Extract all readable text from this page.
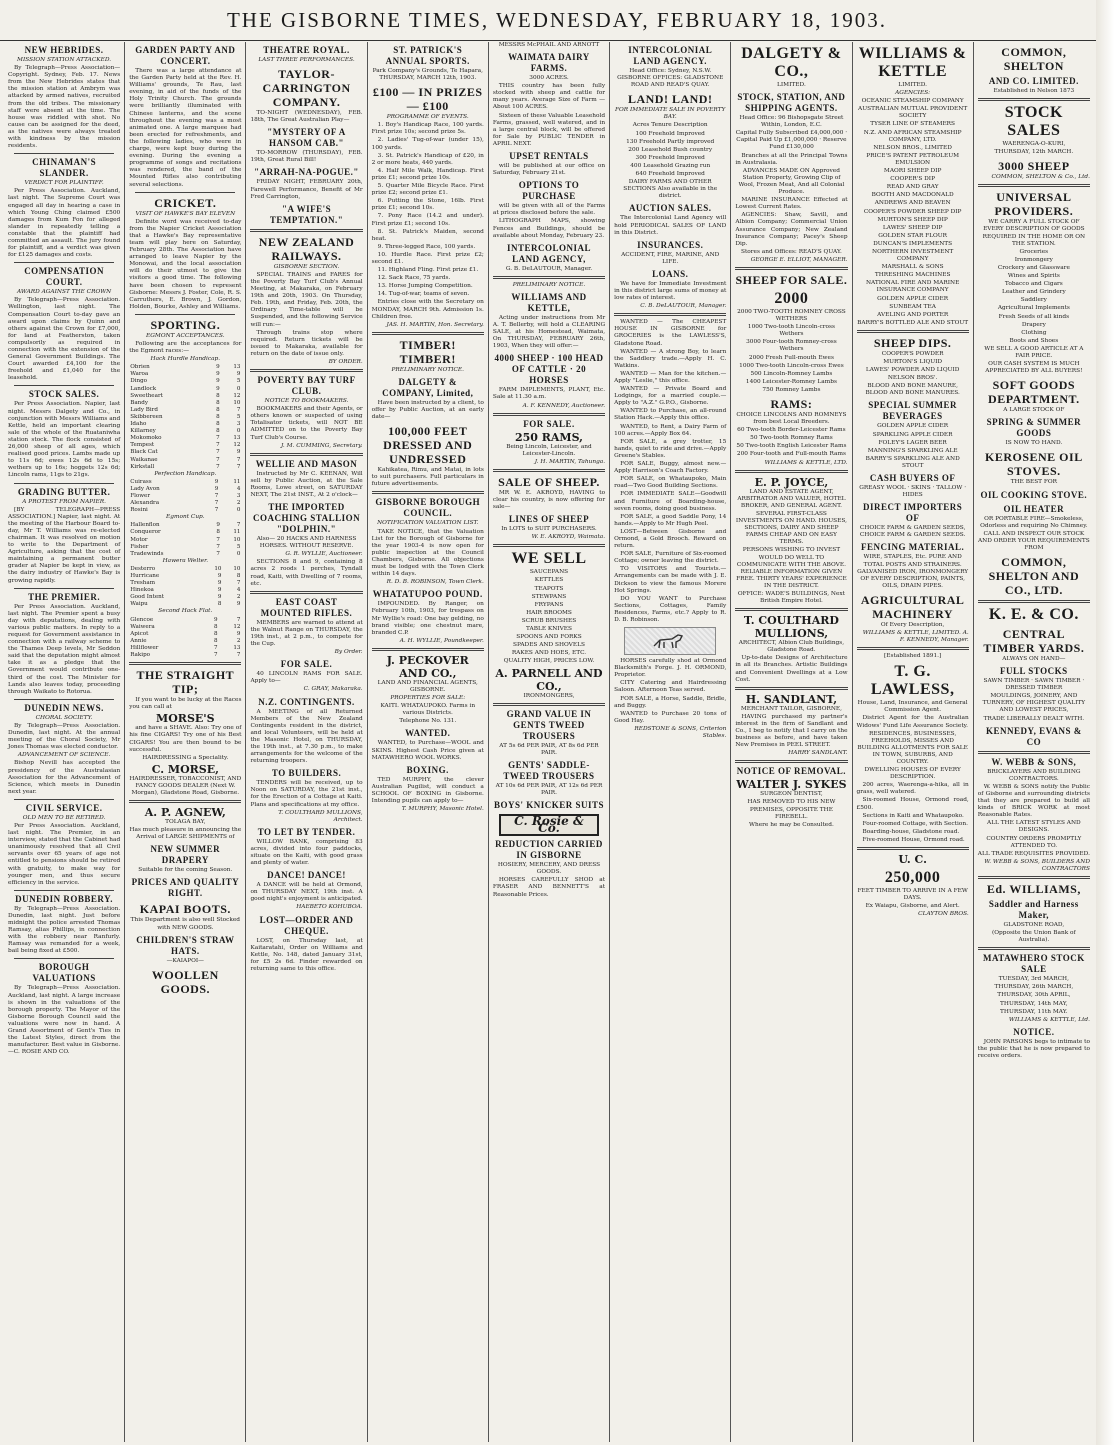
THE GISBORNE TIMES, WEDNESDAY, FEBRUARY 18, 1903.
NEW HEBRIDES.
MISSION STATION ATTACKED.

By Telegraph—Press Association—Copyright. Sydney, Feb. 17. News from the New Hebrides states that the mission station at Ambrym was attacked by armed natives, recruited from the old tribes. The missionary staff were absent at the time. The house was riddled with shot. No cause can be assigned for the deed, as the natives were always treated with kindness by the mission residents.

CHINAMAN'S SLANDER.
VERDICT FOR PLAINTIFF.

Per Press Association. Auckland, last night. The Supreme Court was engaged all day in hearing a case in which Young Ching claimed £500 damages from Kum Fon for alleged slander in repeatedly telling a constable that the plaintiff had committed an assault. The jury found for plaintiff, and a verdict was given for £125 damages and costs.

COMPENSATION COURT.
AWARD AGAINST THE CROWN

By Telegraph—Press Association. Wellington, last night. The Compensation Court to-day gave an award upon claims by Quinn and others against the Crown for £7,000, for land at Featherston, taken compulsorily as required in connection with the extension of the General Government Buildings. The Court awarded £4,100 for the freehold and £1,040 for the leasehold.

STOCK SALES.

Per Press Association. Napier, last night. Messrs Dalgety and Co., in conjunction with Messrs Williams and Kettle, held an important clearing sale of the whole of the Ruataniwha station stock. The flock consisted of 26,000 sheep of all ages, which realised good prices. Lambs made up to 11s 6d; ewes 12s 6d to 15s; wethers up to 16s; hoggets 12s 6d; Lincoln rams, 11gs to 21gs.

GRADING BUTTER.
A PROTEST FROM NAPIER.

[BY TELEGRAPH—PRESS ASSOCIATION.] Napier, last night. At the meeting of the Harbour Board to-day, Mr T. Williams was re-elected chairman. It was resolved on motion to write to the Department of Agriculture, asking that the cost of maintaining a permanent butter grader at Napier be kept in view, as the dairy industry of Hawke's Bay is growing rapidly.

THE PREMIER.

Per Press Association. Auckland, last night. The Premier spent a busy day with deputations, dealing with various public matters. In reply to a request for Government assistance in connection with a railway scheme to the Thames Deep levels, Mr Seddon said that the deputation might almost take it as a pledge that the Government would contribute one-third of the cost. The Minister for Lands also leaves today, proceeding through Waikato to Rotorua.

DUNEDIN NEWS.
CHORAL SOCIETY.

By Telegraph—Press Association. Dunedin, last night. At the annual meeting of the Choral Society, Mr Jones Thomas was elected conductor.

ADVANCEMENT OF SCIENCE.

Bishop Nevill has accepted the presidency of the Australasian Association for the Advancement of Science, which meets in Dunedin next year.

CIVIL SERVICE.
OLD MEN TO BE RETIRED.

Per Press Association. Auckland, last night. The Premier, in an interview, stated that the Cabinet had unanimously resolved that all Civil servants over 65 years of age not entitled to pensions should be retired with gratuity, to make way for younger men, and thus secure efficiency in the service.

DUNEDIN ROBBERY.

By Telegraph—Press Association. Dunedin, last night. Just before midnight the police arrested Thomas Ramsay, alias Phillips, in connection with the robbery near Ranfurly. Ramsay was remanded for a week, bail being fixed at £500.

BOROUGH VALUATIONS

By Telegraph—Press Association. Auckland, last night. A large increase is shown in the valuations of the borough property. The Mayor of the Gisborne Borough Council said the valuations were now in hand. A Grand Assortment of Gent's Ties in the Latest Styles, direct from the manufacturer. Best value in Gisborne.—C. ROSIE AND CO.

GARDEN PARTY AND CONCERT.

There was a large attendance at the Garden Party held at the Rev. H. Williams' grounds, Te Rau, last evening, in aid of the funds of the Holy Trinity Church. The grounds were brilliantly illuminated with Chinese lanterns, and the scene throughout the evening was a most animated one. A large marquee had been erected for refreshments, and the following ladies, who were in charge, were kept busy during the evening. During the evening a programme of songs and recitations was rendered, the band of the Mounted Rifles also contributing several selections.

CRICKET.
VISIT OF HAWKE'S BAY ELEVEN

Definite word was received to-day from the Napier Cricket Association that a Hawke's Bay representative team will play here on Saturday, February 28th. The Association have arranged to leave Napier by the Monowai, and the local association will do their utmost to give the visitors a good time. The following have been chosen to represent Gisborne: Messrs J. Foster, Cole, R. S. Carruthers, E. Brown, J. Gordon, Holden, Bourke, Ashley and Williams.

SPORTING.
EGMONT ACCEPTANCES.

Following are the acceptances for the Egmont races:—

Hack Hurdle Handicap.
Obrien	9	13
Waroa	9	9
Dingo	9	5
Landlock	9	0
Sweetheart	8	12
Bandy	8	10
Lady Bird	8	7
Skibbereen	8	5
Idaho	8	3
Killarney	8	0
Mokomoko	7	13
Tempest	7	12
Black Cat	7	9
Waikanae	7	7
Kirkstall	7	7
Perfection Handicap.
Cuirass	9	11
Lady Avon	9	4
Flower	7	3
Alexandra	7	2
Rosini	7	0
Egmont Cup.
Hallenflon	9	7
Conqueror	8	11
Motor	7	10
Fisher	7	5
Tradewinds	7	0
Hawera Welter.
Desterro	10	10
Hurricane	9	8
Tresham	9	7
Hinekoa	9	4
Good Intent	9	2
Waipu	8	9
Second Hack Flat.
Glencoe	9	7
Waiwera	8	12
Apicot	8	9
Annie	8	2
Hillflower	7	13
Rakipo	7	7
THE STRAIGHT TIP;

If you want to be lucky at the Races you can call at

MORSE'S

and have a SHAVE. Also: Try one of his fine CIGARS! Try one of his Best CIGARS! You are then bound to be successful.

HAIRDRESSING a Speciality.

C. MORSE,

HAIRDRESSER, TOBACCONIST, AND FANCY GOODS DEALER (Next W. Morgan), Gladstone Road, Gisborne.

A. P. AGNEW,

TOLAGA BAY,

Has much pleasure in announcing the Arrival of LARGE SHIPMENTS of

NEW SUMMER DRAPERY

Suitable for the coming Season.

PRICES AND QUALITY RIGHT.
KAPAI BOOTS.

This Department is also well Stocked with NEW GOODS.

CHILDREN'S STRAW HATS.

—KAIAPOI—

WOOLLEN GOODS.
THEATRE ROYAL.
LAST THREE PERFORMANCES.
TAYLOR-CARRINGTON COMPANY.

TO-NIGHT (WEDNESDAY), FEB. 18th, The Great Australian Play—

"MYSTERY OF A HANSOM CAB."

TO-MORROW (THURSDAY), FEB. 19th, Great Rural Bill!

"ARRAH-NA-POGUE."

FRIDAY NIGHT, FEBRUARY 20th, Farewell Performance, Benefit of Mr Fred Carrington,

"A WIFE'S TEMPTATION."
NEW ZEALAND RAILWAYS.
GISBORNE SECTION.

SPECIAL TRAINS and FARES for the Poverty Bay Turf Club's Annual Meeting, at Makaraka, on February 19th and 20th, 1903. On Thursday, Feb. 19th, and Friday, Feb. 20th, the Ordinary Time-table will be Suspended, and the following Service will run:—

Through trains stop where required. Return tickets will be issued to Makaraka, available for return on the date of issue only.

BY ORDER.

POVERTY BAY TURF CLUB.
NOTICE TO BOOKMAKERS.

BOOKMAKERS and their Agents, or others known or suspected of using Totalisator tickets, will NOT BE ADMITTED on to the Poverty Bay Turf Club's Course.

J. M. CUMMING, Secretary.

WELLIE AND MASON

Instructed by Mr C. KEENAN, Will sell by Public Auction, at the Sale Rooms, Lowe street, on SATURDAY NEXT, The 21st INST., At 2 o'clock—

THE IMPORTED COACHING STALLION "DOLPHIN."

Also— 20 HACKS AND HARNESS HORSES. WITHOUT RESERVE.

G. R. WYLLIE, Auctioneer.

SECTIONS 8 and 9, containing 8 acres 2 roods 1 perches, Tyndall road, Kaiti, with Dwelling of 7 rooms, etc.

EAST COAST MOUNTED RIFLES.

MEMBERS are warned to attend at the Walnut Range on THURSDAY, the 19th inst., at 2 p.m., to compete for the Cup.

By Order.

FOR SALE.

40 LINCOLN RAMS FOR SALE. Apply to—

C. GRAY, Makaraka.

N.Z. CONTINGENTS.

A MEETING of all Returned Members of the New Zealand Contingents resident in the district, and local Volunteers, will be held at the Masonic Hotel, on THURSDAY, the 19th inst., at 7.30 p.m., to make arrangements for the welcome of the returning troopers.

TO BUILDERS.

TENDERS will be received, up to Noon on SATURDAY, the 21st inst., for the Erection of a Cottage at Kaiti. Plans and specifications at my office.

T. COULTHARD MULLIONS, Architect.

TO LET BY TENDER.

WILLOW BANK, comprising 83 acres, divided into four paddocks, situate on the Kaiti, with good grass and plenty of water.

DANCE! DANCE!

A DANCE will be held at Ormond, on THURSDAY NEXT, 19th inst. A good night's enjoyment is anticipated.

HAEBETO KOHUBOA.

LOST—ORDER AND CHEQUE.

LOST, on Thursday last, at Kaitaratahi, Order on Williams and Kettle, No. 148, dated January 31st, for £5 2s 6d. Finder rewarded on returning same to this office.

ST. PATRICK'S ANNUAL SPORTS.

Park Company's Grounds, Te Hapara, THURSDAY, MARCH 12th, 1903.

£100 — IN PRIZES — £100
PROGRAMME OF EVENTS.

1. Boy's Handicap Race, 100 yards. First prize 10s; second prize 5s.

2. Ladies' Tug-of-war (under 15), 100 yards.

3. St. Patrick's Handicap of £20, in 2 or more heats, 440 yards.

4. Half Mile Walk, Handicap. First prize £1; second prize 10s.

5. Quarter Mile Bicycle Race. First prize £2; second prize £1.

6. Putting the Stone, 16lb. First prize £1; second 10s.

7. Pony Race (14.2 and under). First prize £1; second 10s.

8. St. Patrick's Maiden, second heat.

9. Three-legged Race, 100 yards.

10. Hurdle Race. First prize £2; second £1.

11. Highland Fling. First prize £1.

12. Sack Race, 75 yards.

13. Horse Jumping Competition.

14. Tug-of-war, teams of seven.

Entries close with the Secretary on MONDAY, MARCH 9th. Admission 1s. Children free.

JAS. H. MARTIN, Hon. Secretary.

TIMBER! TIMBER!
PRELIMINARY NOTICE.
DALGETY & COMPANY, Limited,

Have been instructed by a client, to offer by Public Auction, at an early date—

100,000 FEET DRESSED AND UNDRESSED

Kahikatea, Rimu, and Matai, in lots to suit purchasers. Full particulars in future advertisements.

GISBORNE BOROUGH COUNCIL.
NOTIFICATION VALUATION LIST.

TAKE NOTICE, that the Valuation List for the Borough of Gisborne for the year 1903-4 is now open for public inspection at the Council Chambers, Gisborne. All objections must be lodged with the Town Clerk within 14 days.

R. D. B. ROBINSON, Town Clerk.

WHATATUPOO POUND.

IMPOUNDED. By Ranger, on February 10th, 1903, for trespass on Mr Wyllie's road: One bay gelding, no brand visible; one chestnut mare, branded C.P.

A. H. WYLLIE, Poundkeeper.

J. PECKOVER AND CO.,

LAND AND FINANCIAL AGENTS, GISBORNE.

PROPERTIES FOR SALE:

KAITI. WHATAUPOKO. Farms in various Districts.

Telephone No. 131.

WANTED.

WANTED, to Purchase—WOOL and SKINS. Highest Cash Price given at MATAWHERO WOOL WORKS.

BOXING.

TED MURPHY, the clever Australian Pugilist, will conduct a SCHOOL OF BOXING in Gisborne. Intending pupils can apply to—

T. MURPHY, Masonic Hotel.

MESSRS McPHAIL AND ARNOTT

WAIMATA DAIRY FARMS.

3000 ACRES.

THIS country has been fully stocked with sheep and cattle for many years. Average Size of Farm — About 100 ACRES.

Sixteen of these Valuable Leasehold Farms, grassed, well watered, and in a large central block, will be offered for Sale by PUBLIC TENDER in APRIL NEXT.

UPSET RENTALS

will be published at our office on Saturday, February 21st.

OPTIONS TO PURCHASE

will be given with all of the Farms at prices disclosed before the sale.

LITHOGRAPH MAPS, showing Fences and Buildings, should be available about Monday, February 23.

INTERCOLONIAL LAND AGENCY,

G. B. DeLAUTOUR, Manager.

PRELIMINARY NOTICE.
WILLIAMS AND KETTLE,

Acting under instructions from Mr A. T. Bellerby, will hold a CLEARING SALE, at his Homestead, Waimata, On THURSDAY, FEBRUARY 26th, 1903, When they will offer:—

4000 SHEEP · 100 HEAD OF CATTLE · 20 HORSES

FARM IMPLEMENTS, PLANT, Etc. Sale at 11.30 a.m.

A. F. KENNEDY, Auctioneer.

FOR SALE.
250 RAMS,

Being Lincoln, Leicester, and Leicester-Lincoln.

J. H. MARTIN, Tahunga.

SALE OF SHEEP.

MR W. E. AKROYD, HAVING to clear his country, is now offering for sale—

LINES OF SHEEP

In LOTS to SUIT PURCHASERS.

W. E. AKROYD, Waimata.

WE SELL

SAUCEPANS

KETTLES

TEAPOTS

STEWPANS

FRYPANS

HAIR BROOMS

SCRUB BRUSHES

TABLE KNIVES

SPOONS AND FORKS

SPADES AND SHOVELS

RAKES AND HOES, ETC.

QUALITY HIGH, PRICES LOW.

A. PARNELL AND CO.,

IRONMONGERS,

GRAND VALUE IN GENTS TWEED TROUSERS

AT 5s 6d PER PAIR, AT 8s 6d PER PAIR.

GENTS' SADDLE-TWEED TROUSERS

AT 10s 6d PER PAIR, AT 12s 6d PER PAIR.

BOYS' KNICKER SUITS
C. Rosie & Co.
REDUCTION CARRIED IN GISBORNE

HOSIERY, MERCERY, AND DRESS GOODS.

HORSES CAREFULLY SHOD at FRASER AND BENNETT'S at Reasonable Prices.

INTERCOLONIAL LAND AGENCY.

Head Office: Sydney, N.S.W. GISBORNE OFFICES: GLADSTONE ROAD AND READ'S QUAY.

LAND! LAND!
FOR IMMEDIATE SALE IN POVERTY BAY.

Acres Tenure Description

100 Freehold Improved

130 Freehold Partly improved

200 Leasehold Bush country

300 Freehold Improved

400 Leasehold Grazing run

640 Freehold Improved

DAIRY FARMS AND OTHER SECTIONS Also available in the district.

AUCTION SALES.

The Intercolonial Land Agency will hold PERIODICAL SALES OF LAND in this District.

INSURANCES.

ACCIDENT, FIRE, MARINE, AND LIFE.

LOANS.

We have for Immediate Investment in this district large sums of money at low rates of interest.

C. B. DeLAUTOUR, Manager.

WANTED — The CHEAPEST HOUSE IN GISBORNE for GROCERIES is the LAWLESS'S, Gladstone Road.

WANTED — A strong Boy, to learn the Saddlery trade.—Apply H. C. Watkins.

WANTED — Man for the kitchen.—Apply "Leslie," this office.

WANTED — Private Board and Lodgings, for a married couple.—Apply to "A.Z." G.P.O., Gisborne.

WANTED to Purchase, an all-round Station Hack.—Apply this office.

WANTED, to Rent, a Dairy Farm of 100 acres.—Apply Box 64.

FOR SALE, a grey trotter, 15 hands, quiet to ride and drive.—Apply Greene's Stables.

FOR SALE, Buggy, almost new.—Apply Harrison's Coach Factory.

FOR SALE, on Whataupoko, Main road—Two Good Building Sections.

FOR IMMEDIATE SALE—Goodwill and Furniture of Boarding-house, seven rooms, doing good business.

FOR SALE, a good Saddle Pony, 14 hands.—Apply to Mr Hugh Peel.

LOST—Between Gisborne and Ormond, a Gold Brooch. Reward on return.

FOR SALE, Furniture of Six-roomed Cottage; owner leaving the district.

TO VISITORS and Tourists.—Arrangements can be made with J. E. Dickson to view the famous Morere Hot Springs.

DO YOU WANT to Purchase Sections, Cottages, Family Residences, Farms, etc.? Apply to R. D. B. Robinson.

HORSES carefully shod at Ormond Blacksmith's Forge. J. H. ORMOND, Proprietor.

CITY Catering and Hairdressing Saloon. Afternoon Teas served.

FOR SALE, a Horse, Saddle, Bridle, and Buggy.

WANTED to Purchase 20 tons of Good Hay.

REDSTONE & SONS, Criterion Stables.

DALGETY & CO.,

LIMITED.

STOCK, STATION, AND SHIPPING AGENTS.

Head Office: 96 Bishopsgate Street Within, London, E.C.

Capital Fully Subscribed £4,000,000 · Capital Paid Up £1,000,000 · Reserve Fund £130,000

Branches at all the Principal Towns in Australasia.

ADVANCES MADE ON Approved Station Property, Growing Clip of Wool, Frozen Meat, And all Colonial Produce.

MARINE INSURANCE Effected at Lowest Current Rates.

AGENCIES: Shaw, Savill, and Albion Company; Commercial Union Assurance Company; New Zealand Insurance Company; Pacey's Sheep Dip.

Stores and Offices: READ'S QUAY.

GEORGE E. ELLIOT, MANAGER.

SHEEP FOR SALE.
2000

2000 TWO-TOOTH ROMNEY CROSS WETHERS

1000 Two-tooth Lincoln-cross Wethers

3000 Four-tooth Romney-cross Wethers

2000 Fresh Full-mouth Ewes

1000 Two-tooth Lincoln-cross Ewes

500 Lincoln-Romney Lambs

1400 Leicester-Romney Lambs

750 Romney Lambs

RAMS:

CHOICE LINCOLNS AND ROMNEYS from best Local Breeders.

60 Two-tooth Border-Leicester Rams

50 Two-tooth Romney Rams

50 Two-tooth English Leicester Rams

200 Four-tooth and Full-mouth Rams

WILLIAMS & KETTLE, LTD.

E. P. JOYCE,

LAND AND ESTATE AGENT, ARBITRATOR AND VALUER, HOTEL BROKER, AND GENERAL AGENT.

SEVERAL FIRST-CLASS INVESTMENTS ON HAND. HOUSES, SECTIONS, DAIRY AND SHEEP FARMS CHEAP AND ON EASY TERMS.

PERSONS WISHING TO INVEST WOULD DO WELL TO COMMUNICATE WITH THE ABOVE. RELIABLE INFORMATION GIVEN FREE. THIRTY YEARS' EXPERIENCE IN THE DISTRICT.

OFFICE: WADE'S BUILDINGS, Next British Empire Hotel.

T. COULTHARD MULLIONS,

ARCHITECT, Albion Club Buildings, Gladstone Road.

Up-to-date Designs of Architecture in all its Branches. Artistic Buildings and Convenient Dwellings at a Low Cost.

H. SANDLANT,

MERCHANT TAILOR, GISBORNE,

HAVING purchased my partner's interest in the firm of Sandlant and Co., I beg to notify that I carry on the business as before, and have taken New Premises in PEEL STREET.

HARRY SANDLANT.

NOTICE OF REMOVAL.
WALTER J. SYKES

SURGEON DENTIST,

HAS REMOVED TO HIS NEW PREMISES, OPPOSITE THE FIREBELL.

Where he may be Consulted.

WILLIAMS & KETTLE

LIMITED.

AGENCIES:

OCEANIC STEAMSHIP COMPANY

AUSTRALIAN MUTUAL PROVIDENT SOCIETY

TYSER LINE OF STEAMERS

N.Z. AND AFRICAN STEAMSHIP COMPANY, LTD.

NELSON BROS., LIMITED

PRICE'S PATENT PETROLEUM EMULSION

MAORI SHEEP DIP

COOPER'S DIP

READ AND GRAY

BOOTH AND MACDONALD

ANDREWS AND BEAVEN

COOPER'S POWDER SHEEP DIP

MURTON'S SHEEP DIP

LAWES' SHEEP DIP

GOLDEN STAR FLOUR

DUNCAN'S IMPLEMENTS

NORTHERN INVESTMENT COMPANY

MARSHALL & SONS

THRESHING MACHINES

NATIONAL FIRE AND MARINE INSURANCE COMPANY

GOLDEN APPLE CIDER

SUNBEAM TEA

AVELING AND PORTER

BARRY'S BOTTLED ALE AND STOUT

SHEEP DIPS.

COOPER'S POWDER

MURTON'S LIQUID

LAWES' POWDER AND LIQUID

NELSON BROS'.

BLOOD AND BONE MANURE, BLOOD AND BONE MANURES.

SPECIAL SUMMER BEVERAGES

GOLDEN APPLE CIDER

SPARKLING APPLE CIDER

FOLEY'S LAGER BEER

MANNING'S SPARKLING ALE

BARRY'S SPARKLING ALE AND STOUT

CASH BUYERS OF

GREASY WOOL · SKINS · TALLOW · HIDES

DIRECT IMPORTERS OF

CHOICE FARM & GARDEN SEEDS, CHOICE FARM & GARDEN SEEDS.

FENCING MATERIAL.

WIRE, STAPLES, Etc. PURE AND TOTAL POSTS AND STRAINERS. GALVANISED IRON, IRONMONGERY OF EVERY DESCRIPTION, PAINTS, OILS, DRAIN PIPES.

AGRICULTURAL MACHINERY

Of Every Description,

WILLIAMS & KETTLE, LIMITED. A. F. KENNEDY, Manager.

[Established 1891.]

T. G. LAWLESS,

House, Land, Insurance, and General Commission Agent.

District Agent for the Australian Widows' Fund Life Assurance Society.

RESIDENCES, BUSINESSES, FREEHOLDS, MISSES AND BUILDING ALLOTMENTS FOR SALE IN TOWN, SUBURBS, AND COUNTRY.

DWELLING HOUSES OF EVERY DESCRIPTION.

200 acres, Waerenga-a-hika, all in grass, well watered.

Six-roomed House, Ormond road, £500.

Sections in Kaiti and Whataupoko.

Four-roomed Cottage, with Section.

Boarding-house, Gladstone road.

Five-roomed House, Ormond road.

U. C.
250,000

FEET TIMBER TO ARRIVE IN A FEW DAYS.

Ex Waiapu, Gisborne, and Alert.

CLAYTON BROS.

COMMON, SHELTON
AND CO. LIMITED.

Established in Nelson 1873

STOCK SALES

WAERENGA-O-KURI,

THURSDAY, 12th MARCH.

3000 SHEEP

COMMON, SHELTON & Co., Ltd.

UNIVERSAL PROVIDERS.

WE CARRY A FULL STOCK OF EVERY DESCRIPTION OF GOODS REQUIRED IN THE HOME OR ON THE STATION.

Groceries

Ironmongery

Crockery and Glassware

Wines and Spirits

Tobacco and Cigars

Leather and Grindery

Saddlery

Agricultural Implements

Fresh Seeds of all kinds

Drapery

Clothing

Boots and Shoes

WE SELL A GOOD ARTICLE AT A FAIR PRICE.

OUR CASH SYSTEM IS MUCH APPRECIATED BY ALL BUYERS!

SOFT GOODS DEPARTMENT.

A LARGE STOCK OF

SPRING & SUMMER GOODS

IS NOW TO HAND.

KEROSENE OIL STOVES.

THE BEST FOR

OIL COOKING STOVE.
OIL HEATER

OR PORTABLE FIRE—Smokeless, Odorless and requiring No Chimney.

CALL AND INSPECT OUR STOCK AND ORDER YOUR REQUIREMENTS FROM

COMMON, SHELTON AND CO., LTD.
K. E. & CO.
CENTRAL TIMBER YARDS.

ALWAYS ON HAND—

FULL STOCKS

SAWN TIMBER · SAWN TIMBER · DRESSED TIMBER

MOULDINGS, JOINERY, AND TURNERY, OF HIGHEST QUALITY AND LOWEST PRICES,

TRADE LIBERALLY DEALT WITH.

KENNEDY, EVANS & CO
W. WEBB & SONS,

BRICKLAYERS AND BUILDING CONTRACTORS.

W. WEBB & SONS notify the Public of Gisborne and surrounding districts that they are prepared to build all kinds of BRICK WORK at most Reasonable Rates.

ALL THE LATEST STYLES AND DESIGNS.

COUNTRY ORDERS PROMPTLY ATTENDED TO.

ALL TRADE REQUISITES PROVIDED.

W. WEBB & SONS, BUILDERS AND CONTRACTORS

Ed. WILLIAMS,
Saddler and Harness Maker,

GLADSTONE ROAD,

(Opposite the Union Bank of Australia).

MATAWHERO STOCK SALE

TUESDAY, 3rd MARCH,

THURSDAY, 26th MARCH,

THURSDAY, 30th APRIL,

THURSDAY, 14th MAY,

THURSDAY, 11th MAY.

WILLIAMS & KETTLE, Ltd.

NOTICE.

JOHN PARSONS begs to intimate to the public that he is now prepared to receive orders.
